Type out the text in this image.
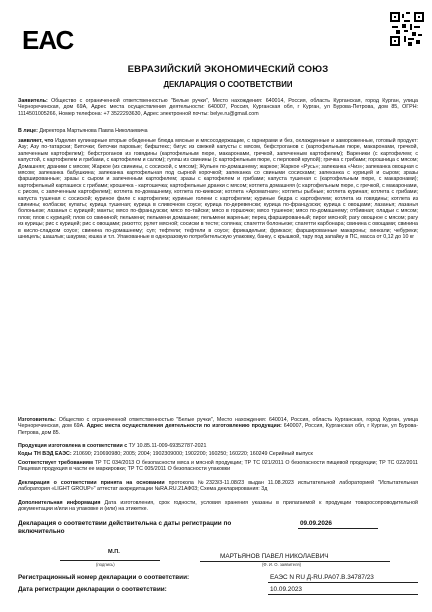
ЕАС
ЕВРАЗИЙСКИЙ ЭКОНОМИЧЕСКИЙ СОЮЗ
ДЕКЛАРАЦИЯ О СООТВЕТСТВИИ
Заявитель: Общество с ограниченной ответственностью "Белые ручки", Место нахождения: 640014, Россия, область Курганская, город Курган, улица Черноречинская, дом 69А, Адрес места осуществления деятельности: 640007, Россия, Курганская обл, г Курган, ул Бурова-Петрова, дом 85, ОГРН: 1114501005266, Номер телефона: +7 3522293630, Адрес электронной почты: belye.ru@gmail.com
В лице: Директора Мартьянова Павла Николаевича
заявляет, что Изделия кулинарные вторые обеденные блюда мясные и мясосодержащие, с гарнирами и без, охлажденные и замороженные, готовый продукт: Азу; Азу по-татарски; Биточки; биточки паровые; бифштекс; бигус из свежей капусты с мясом, бефстроганов с (картофельным пюре, макаронами, гречкой, запеченным картофелем); бефстроганов из говядины (картофельным пюре, макаронами, гречкой, запеченным картофелем); Вареники (с картофелем; с капустой, с картофелем и грибами, с картофелем и салом); гуляш из свинины (с картофельным пюре, с перловой крупой); гречка с грибами; горошница с мясом; Домашняя; драники с мясом; Жаркое (из свинины, с сосиской, с мясом); Жульен по-домашнему; жаркое; Жаркое «Русь»; запеканка «Чиз»; запеканка овощная с мясом; запеканка бабушкина; запеканка картофельная под сырной корочкой; запеканка со свиными сосисками; запеканка с курицей и сыром; зразы фаршированные; зразы с сыром и запеченным картофелем; зразы с картофелем и грибами; капуста тушеная с (картофельным пюре, с макаронами); картофельный карташеск с грибами; крошечка - картошечка; картофельные дранки с мясом; котлета домашняя (с картофельным пюре, с гречкой, с макаронами, с рисом, с запеченным картофелем); котлета по-домашнему, котлета по-киевски; котлета «Ароматная»; котлеты рыбные; котлета куриная; котлета с грибами; капуста тушеная с сосиской; куриное филе с картофелем; куриные голени с картофелем; куриные бедра с картофелем; котлета из говядины; котлета из свинины; колбаски; купаты; курица тушеная; курица в сливочном соусе; курица по-деревенски; курица по-французски; курица с овощами; лазанья; лазанья болоньезе; лазанья с курицей; манты; мясо по-французски; мясо по-тайски; мясо в горшочке; мясо тушеное; мясо по-домашнему; отбивная; оладьи с мясом; плов; плов с курицей; плов со свининой; пельмени; пельмени домашние; пельмени жареные; перец фаршированный; пирог мясной; рагу овощное с мясом; рагу из курицы; рис с курицей; рис с овощами; ризотто; рулет мясной; сосиски в тесте; солянка; спагетти болоньезе; спагетти карбонара; свинина с овощами; свинина в кисло-сладком соусе; свинина по-домашнему; суп; тефтели; тефтели в соусе; фрикадельки; фрикасе; фаршированные макароны; хинкали; чебуреки; шницель; шашлык; шаурма; юшка и т.п. Упакованные в одноразовую потребительскую упаковку, банку, с крышкой, тару под запайку в ПС, масса от 0,12 до 10 кг
Изготовитель: Общество с ограниченной ответственностью "Белые ручки", Место нахождения: 640014, Россия, область Курганская, город Курган, улица Черноречинская, дом 69А. Адрес места осуществления деятельности по изготовлению продукции: 640007, Россия, Курганская обл, г Курган, ул Бурова-Петрова, дом 85.
Продукция изготовлена в соответствии с ТУ 10.85.11-009-69352787-2021
Коды ТН ВЭД ЕАЭС: 210690; 210690980; 2005; 2004; 1902309000; 1902200; 160250; 160220; 160249 Серийный выпуск
Соответствует требованиям ТР ТС 034/2013 О безопасности мяса и мясной продукции; ТР ТС 021/2011 О безопасности пищевой продукции; ТР ТС 022/2011 Пищевая продукция в части ее маркировки; ТР ТС 005/2011 О безопасности упаковки
Декларация о соответствии принята на основании протокола №2323/3-11.08/23 выдан 11.08.2023 испытательной лабораторией "Испытательная лаборатория «LIGHT GROUP»" аттестат аккредитации №RA.RU.21АФ03; Схема декларирования: 3д
Дополнительная информация Дата изготовления, срок годности, условия хранения указаны в прилагаемой к продукции товаросопроводительной документации и/или на упаковке и (или) на этикетке.
Декларация о соответствии действительна с даты регистрации по	09.09.2026
включительно
М.П.
МАРТЬЯНОВ ПАВЕЛ НИКОЛАЕВИЧ
(подпись)	(Ф. И. О. заявителя)
Регистрационный номер декларации о соответствии:	ЕАЭС N RU Д-RU.PA07.B.34787/23
Дата регистрации декларации о соответствии:	10.09.2023
